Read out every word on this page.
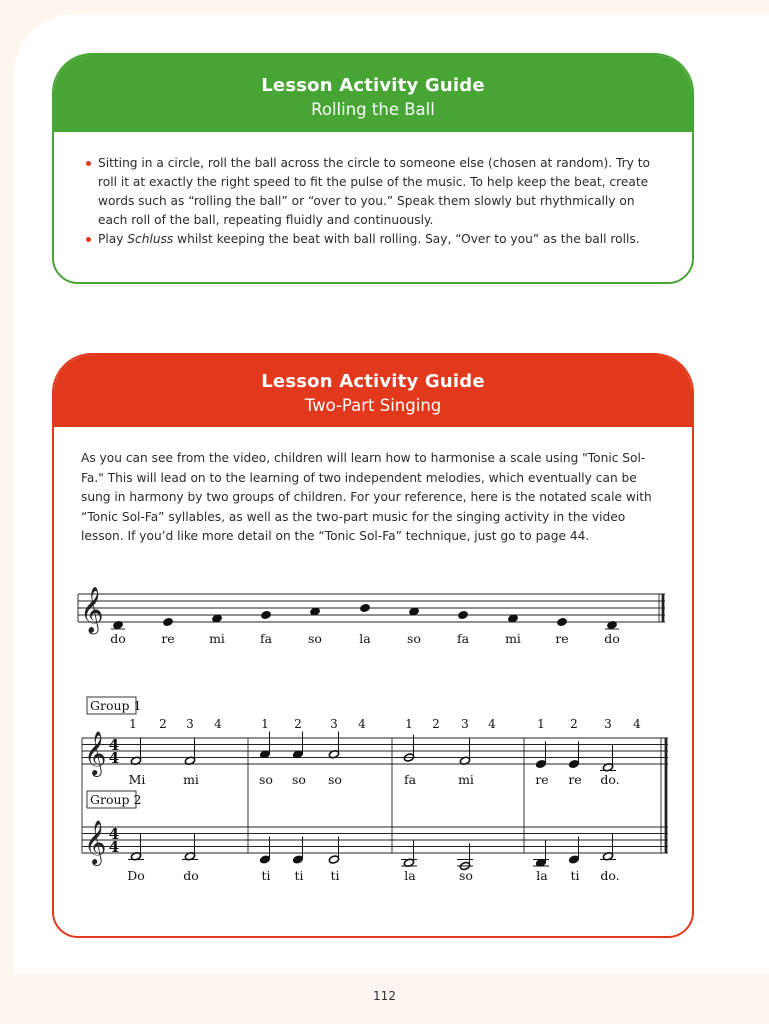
Lesson Activity Guide
Rolling the Ball
Sitting in a circle, roll the ball across the circle to someone else (chosen at random). Try to roll it at exactly the right speed to fit the pulse of the music. To help keep the beat, create words such as “rolling the ball” or “over to you.” Speak them slowly but rhythmically on each roll of the ball, repeating fluidly and continuously.
Play Schluss whilst keeping the beat with ball rolling. Say, “Over to you” as the ball rolls.
Lesson Activity Guide
Two-Part Singing

As you can see from the video, children will learn how to harmonise a scale using "Tonic Sol-Fa." This will lead on to the learning of two independent melodies, which eventually can be sung in harmony by two groups of children. For your reference, here is the notated scale with “Tonic Sol-Fa” syllables, as well as the two-part music for the singing activity in the video lesson. If you’d like more detail on the “Tonic Sol-Fa” technique, just go to page 44.

𝄞
do	re	mi	fa	so	la	so	fa	mi	re	do
Group 1
1 2 3 4	1 2 3 4	1 2 3 4	1 2 3 4
𝄞
𝄞
4
4
4
4
Mi	mi	so so so	fa	mi	re re do.
Group 2
Do	do	ti ti ti	la	so	la ti do.
112
